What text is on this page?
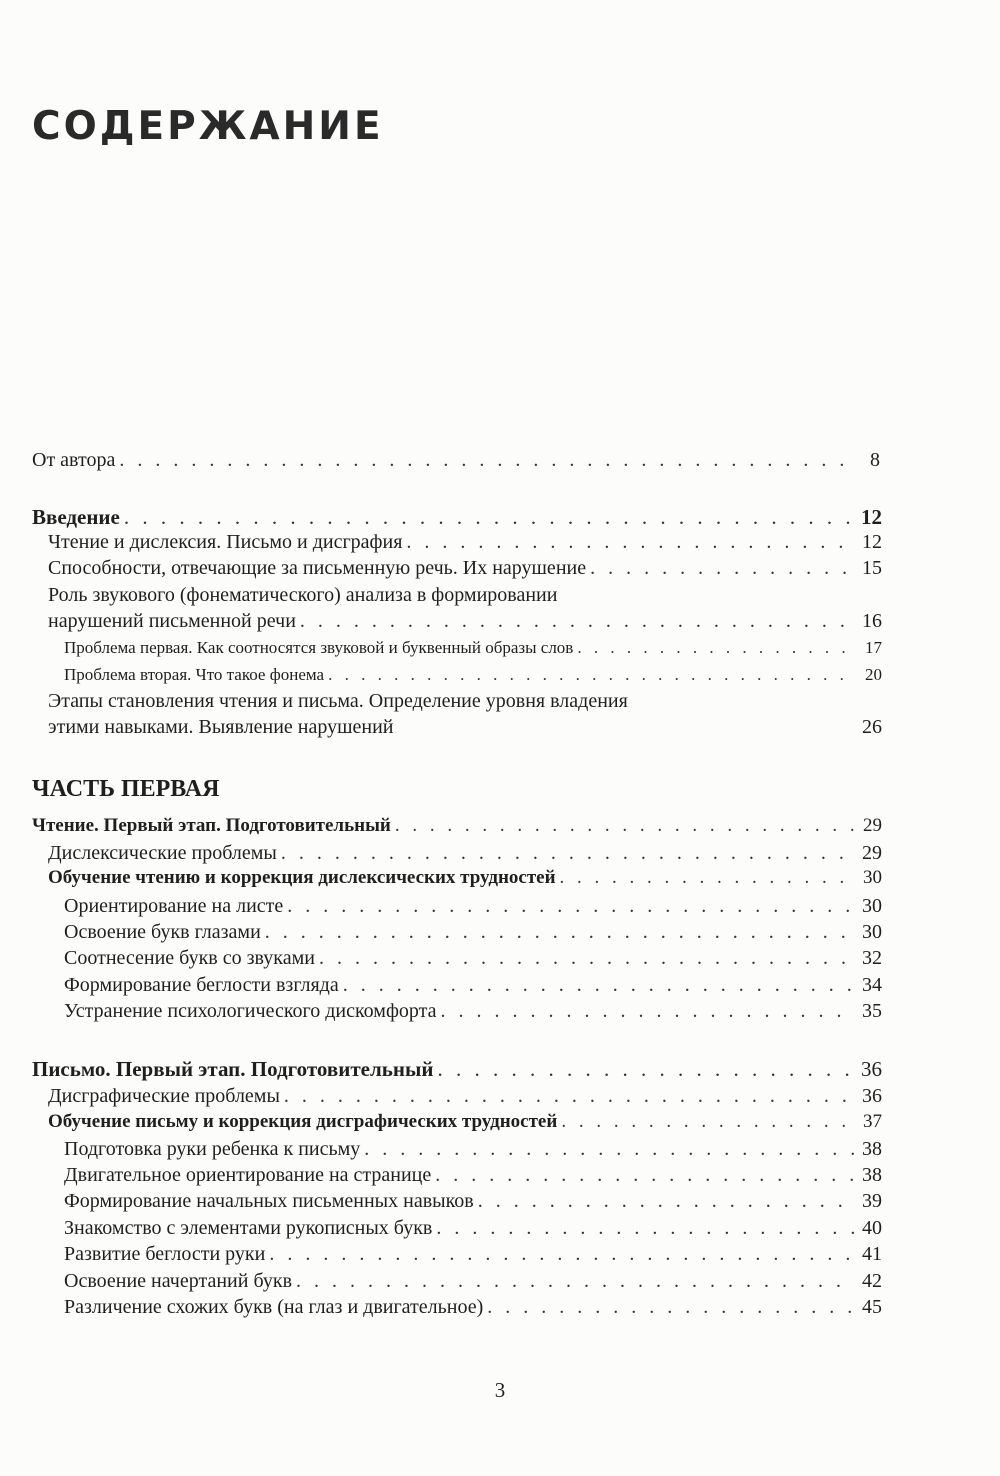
СОДЕРЖАНИЕ
От автора . . .	8
Введение . . .	12
Чтение и дислексия. Письмо и дисграфия . . .	12
Способности, отвечающие за письменную речь. Их нарушение . . .	15
Роль звукового (фонематического) анализа в формировании
нарушений письменной речи . . .	16
Проблема первая. Как соотносятся звуковой и буквенный образы слов . . .	17
Проблема вторая. Что такое фонема . . .	20
Этапы становления чтения и письма. Определение уровня владения
этими навыками. Выявление нарушений	26
ЧАСТЬ ПЕРВАЯ
Чтение. Первый этап. Подготовительный . . .	29
Дислексические проблемы . . .	29
Обучение чтению и коррекция дислексических трудностей . . .	30
Ориентирование на листе . . .	30
Освоение букв глазами . . .	30
Соотнесение букв со звуками . . .	32
Формирование беглости взгляда . . .	34
Устранение психологического дискомфорта . . .	35
Письмо. Первый этап. Подготовительный . . .	36
Дисграфические проблемы . . .	36
Обучение письму и коррекция дисграфических трудностей . . .	37
Подготовка руки ребенка к письму . . .	38
Двигательное ориентирование на странице . . .	38
Формирование начальных письменных навыков . . .	39
Знакомство с элементами рукописных букв . . .	40
Развитие беглости руки . . .	41
Освоение начертаний букв . . .	42
Различение схожих букв (на глаз и двигательное) . . .	45
3
